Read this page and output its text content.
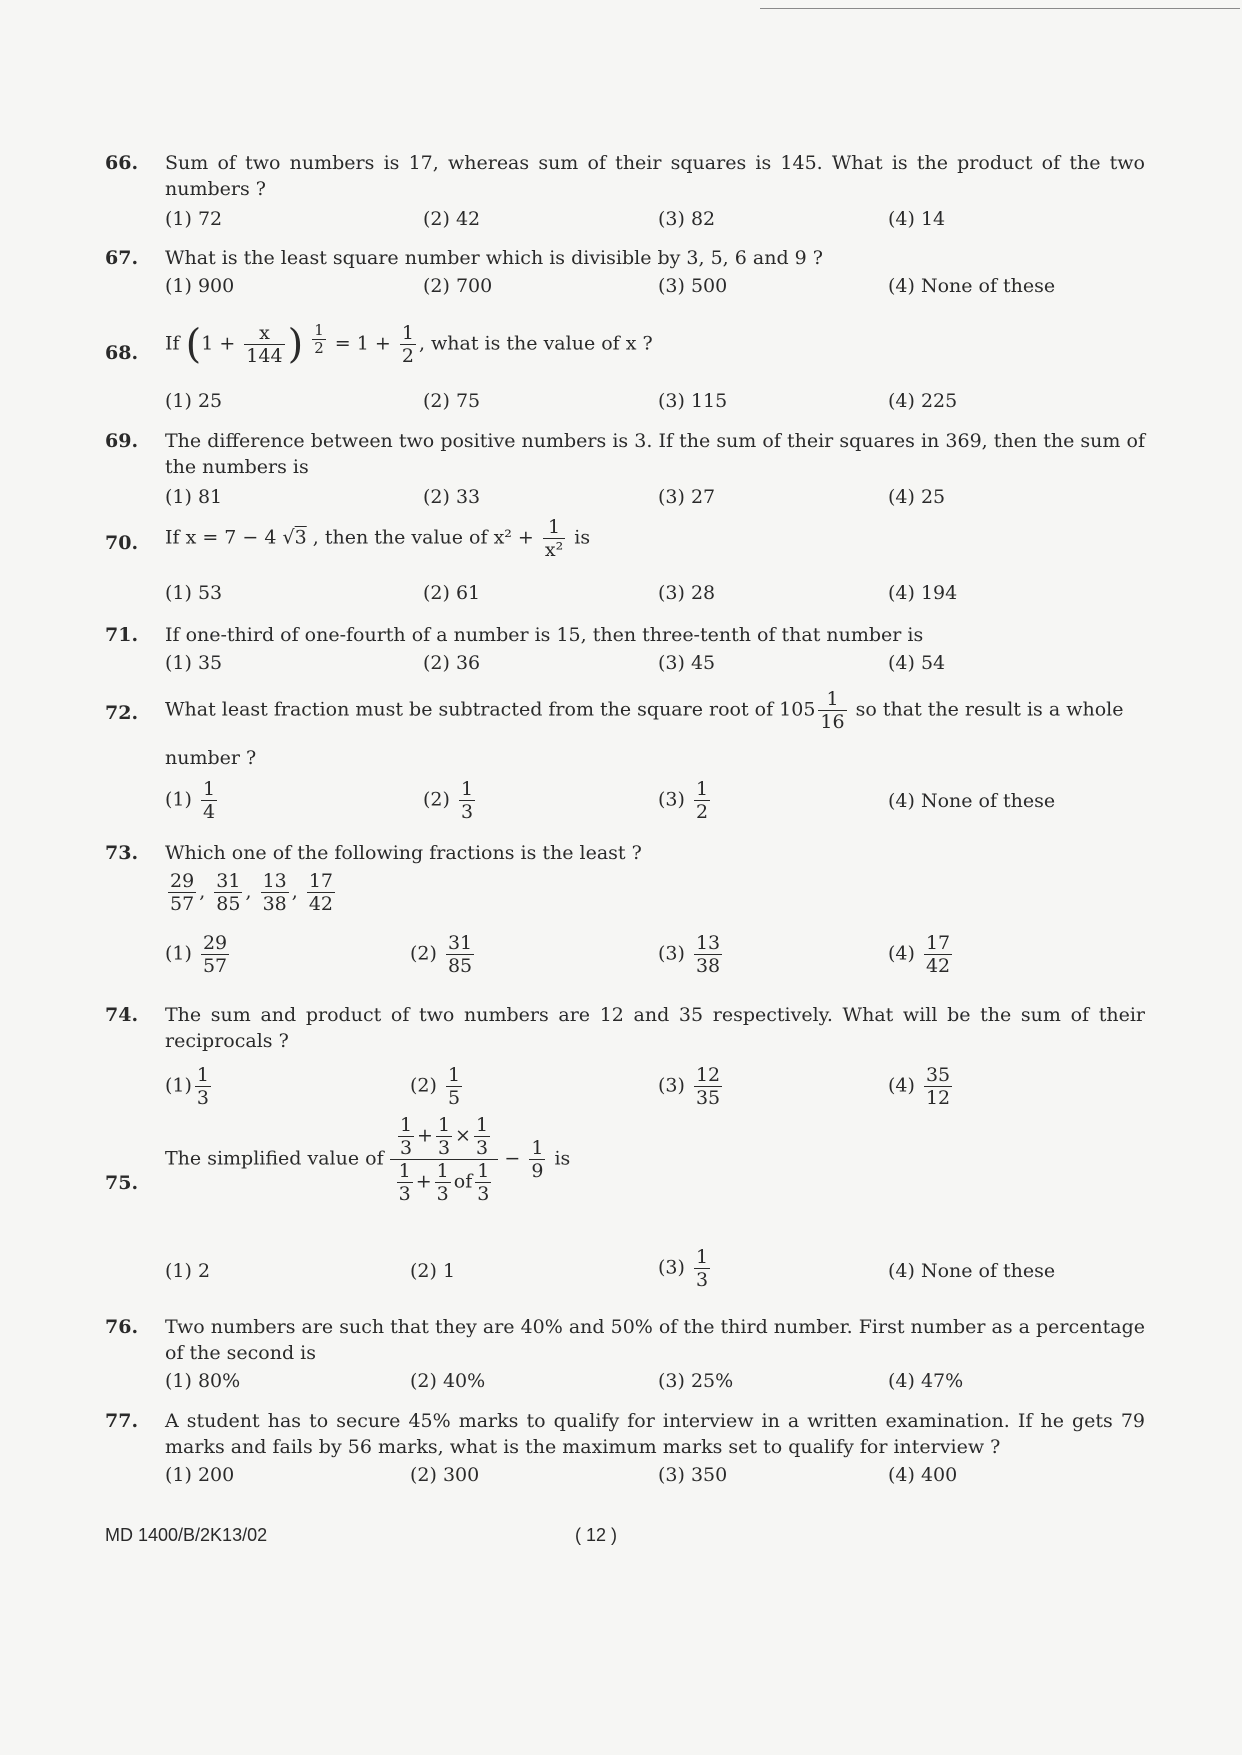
66.	Sum of two numbers is 17, whereas sum of their squares is 145. What is the product of the two numbers ?
(1) 72	(2) 42	(3) 82	(4) 14
67.	What is the least square number which is divisible by 3, 5, 6 and 9 ?
(1) 900	(2) 700	(3) 500	(4) None of these
68.	If ($1 + \frac{x}{144}$ ) $\frac{1}{2} = 1 + \frac{1}{2}$ , what is the value of x ?
(1) 25	(2) 75	(3) 115	(4) 225
69.	The difference between two positive numbers is 3. If the sum of their squares in 369, then the sum of the numbers is
(1) 81	(2) 33	(3) 27	(4) 25
70.	If x = 7 − 4 √3 , then the value of $x^2 + \frac{1}{\text{x²}}$ is
(1) 53	(2) 61	(3) 28	(4) 194
71.	If one-third of one-fourth of a number is 15, then three-tenth of that number is
(1) 35	(2) 36	(3) 45	(4) 54
72.	What least fraction must be subtracted from the square root of $105 \frac{1}{16}$ so that the result is a whole
number ?
$(1) \frac{1}{4}$	$(2) \frac{1}{3}$	$(3) \frac{1}{2}$	(4) None of these
73.	Which one of the following fractions is the least ?
$\frac{29}{57}$ , $\frac{31}{85}$ , $\frac{13}{38}$ , $\frac{17}{42}$
$(1) \frac{29}{57}$	$(2) \frac{31}{85}$	$(3) \frac{13}{38}$	$(4) \frac{17}{42}$
74.	The sum and product of two numbers are 12 and 35 respectively. What will be the sum of their reciprocals ?
$(1) \frac{1}{3}$	$(2) \frac{1}{5}$	$(3) \frac{12}{35}$	$(4) \frac{35}{12}$
75.
The simplified value of $\frac{\frac{1}{3} + \frac{1}{3} \times \frac{1}{3}}{\frac{1}{3} + \frac{1}{3} of \frac{1}{3}} - \frac{1}{9}$ is
(1) 2	(2) 1	$(3) \frac{1}{3}$	(4) None of these
76.	Two numbers are such that they are 40% and 50% of the third number. First number as a percentage of the second is
(1) 80%	(2) 40%	(3) 25%	(4) 47%
77.	A student has to secure 45% marks to qualify for interview in a written examination. If he gets 79 marks and fails by 56 marks, what is the maximum marks set to qualify for interview ?
(1) 200	(2) 300	(3) 350	(4) 400
MD 1400/B/2K13/02	( 12 )
